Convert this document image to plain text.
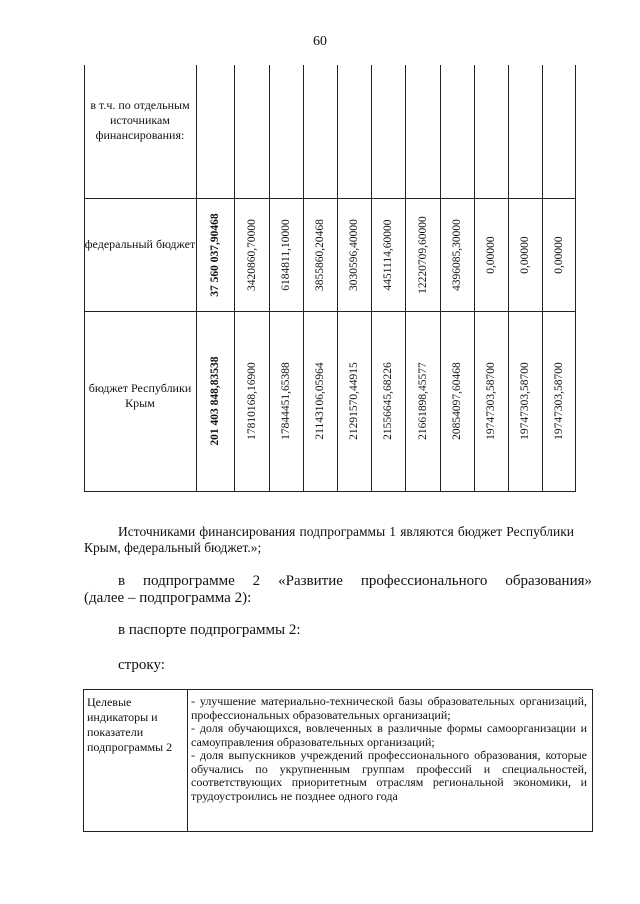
60
в т.ч. по отдельным источникам финансирования:
федеральный бюджет
бюджет Республики Крым
37 560 037,90468 3420860,70000 6184811,10000 3855860,20468 3030596,40000 4451114,60000 12220709,60000 4396085,30000 0,00000 0,00000 0,00000
201 403 848,83538 17810168,16900 17844451,65388 21143106,05964 21291570,44915 21556645,68226 21661898,45577 20854097,60468 19747303,58700 19747303,58700 19747303,58700
Источниками финансирования подпрограммы 1 являются бюджет Республики Крым, федеральный бюджет.»;
в подпрограмме 2 «Развитие профессионального образования»
(далее – подпрограмма 2):
в паспорте подпрограммы 2:
строку:
Целевые индикаторы и показатели подпрограммы 2
- улучшение материально-технической базы образовательных организаций, профессиональных образовательных организаций;
- доля обучающихся, вовлеченных в различные формы самоорганизации и самоуправления образовательных организаций;
- доля выпускников учреждений профессионального образования, которые обучались по укрупненным группам профессий и специальностей, соответствующих приоритетным отраслям региональной экономики, и трудоустроились не позднее одного года
